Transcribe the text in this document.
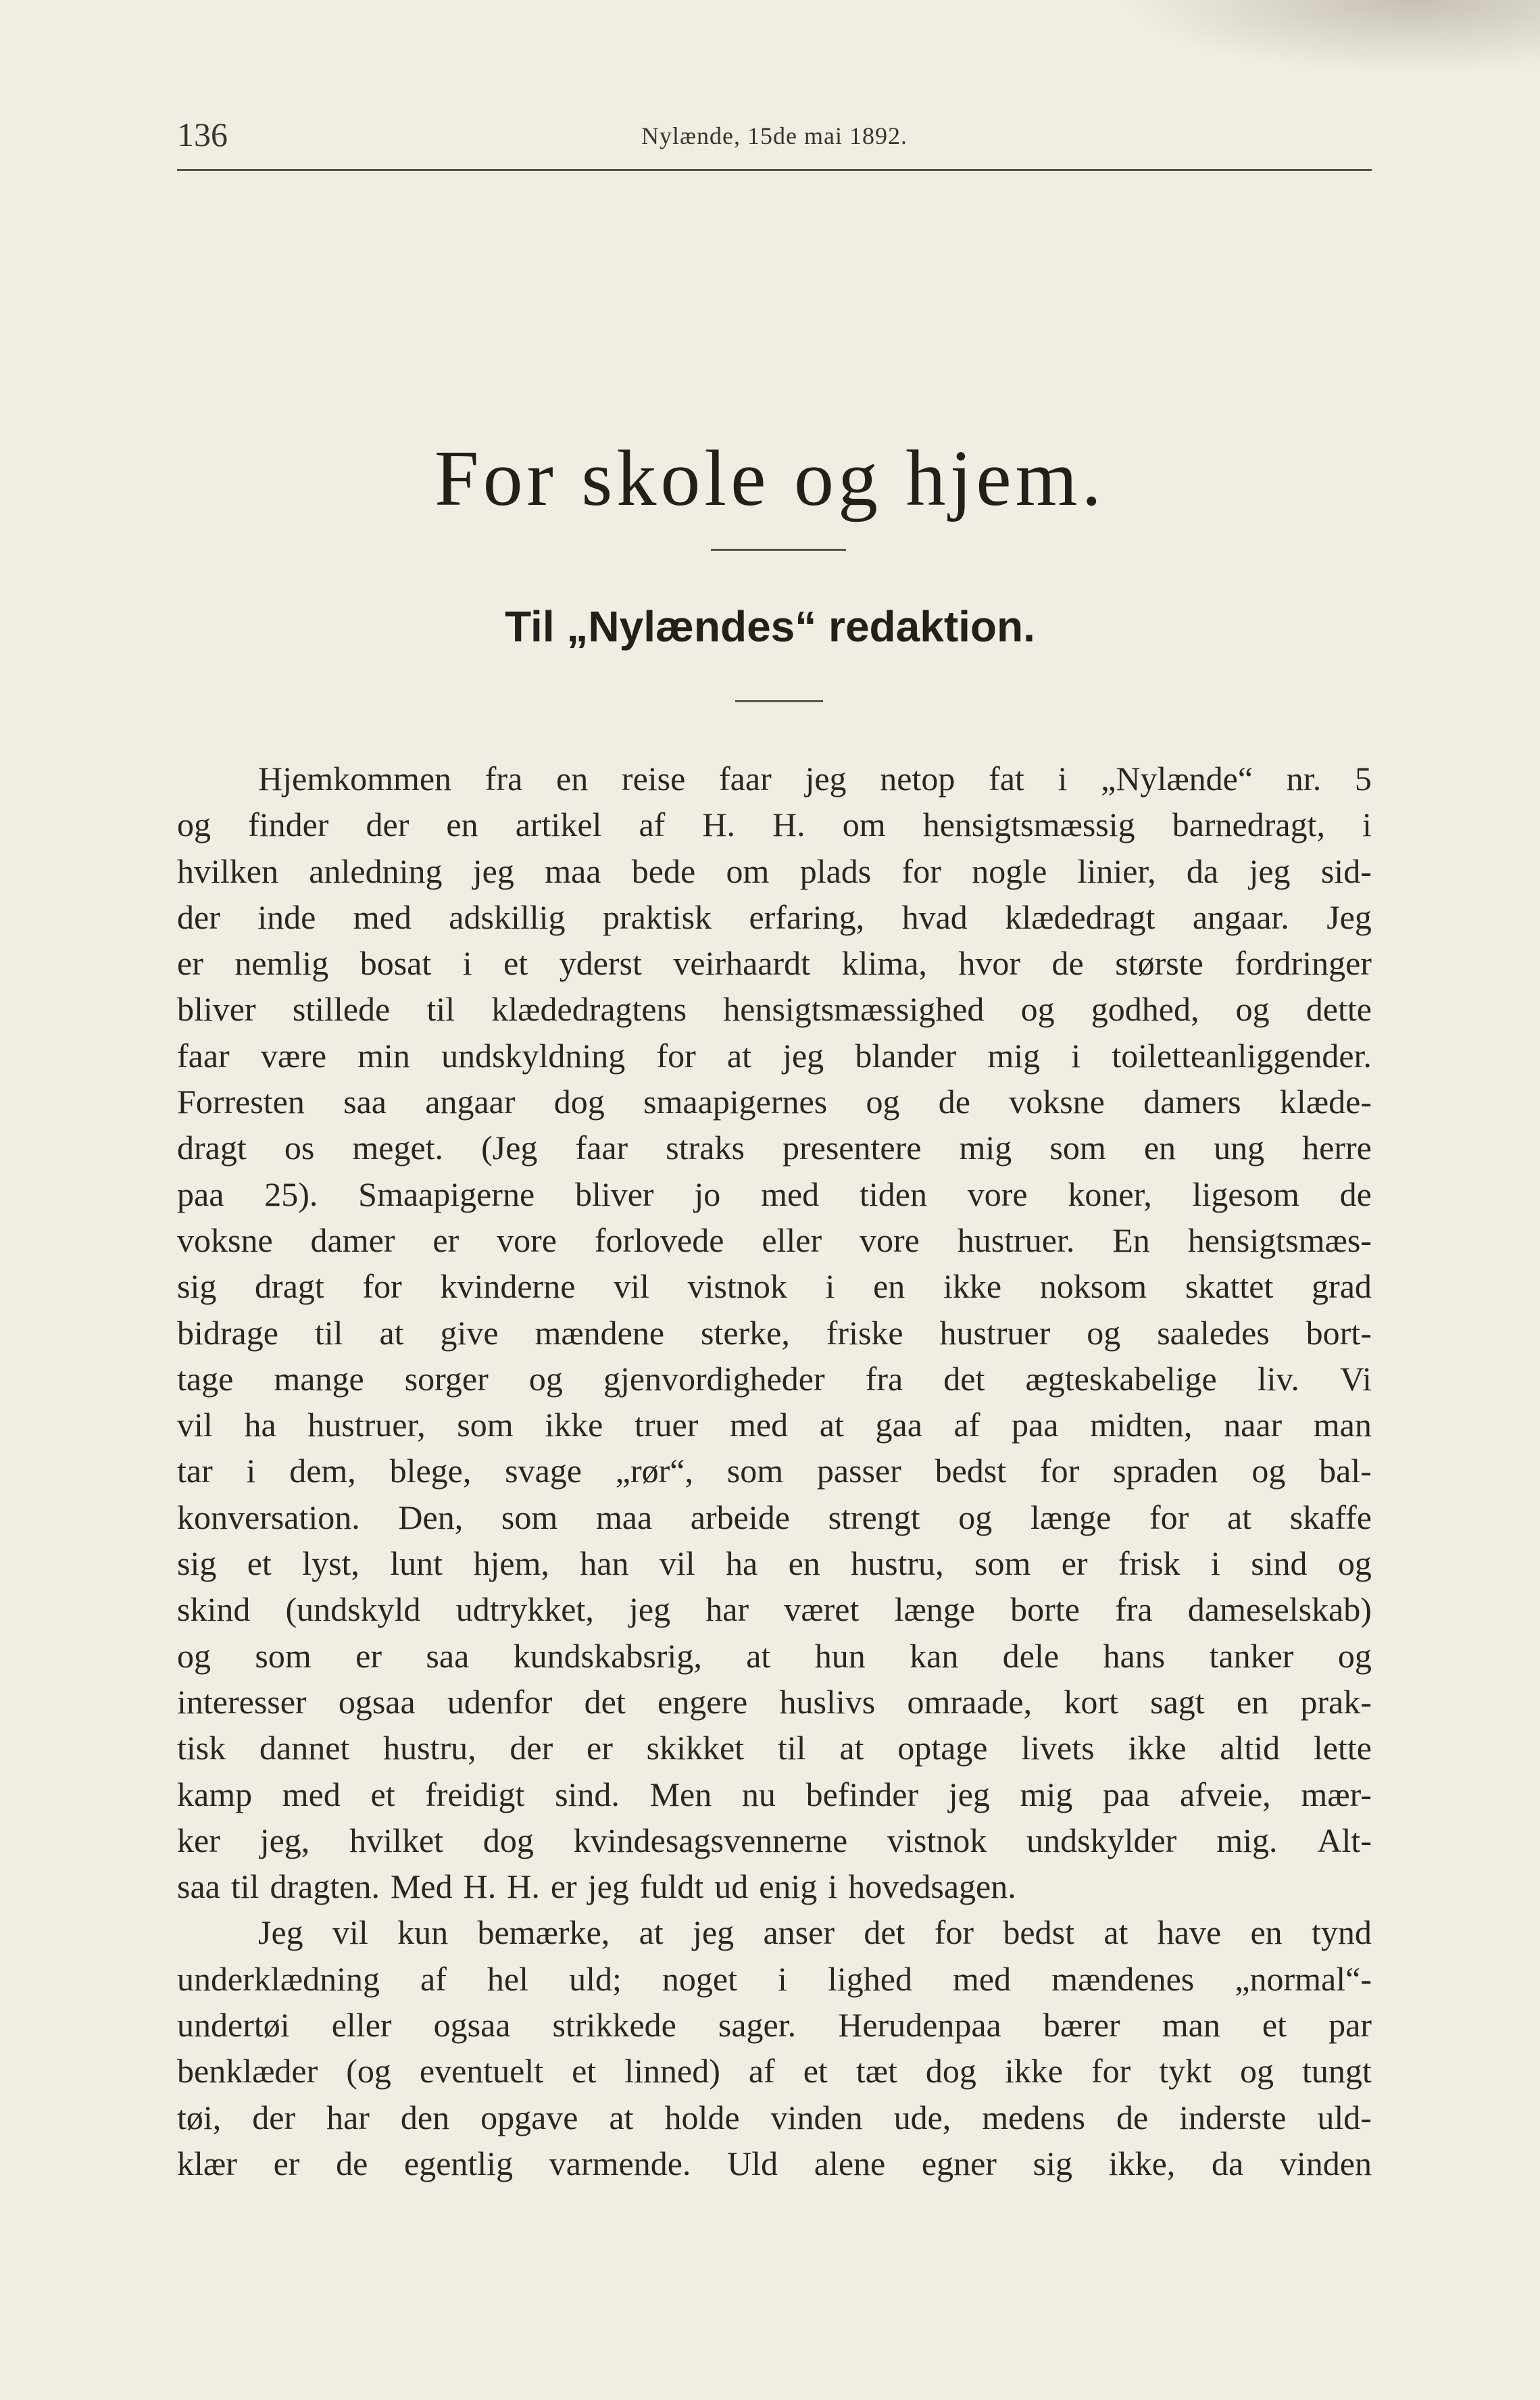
136	Nylænde, 15de mai 1892.
For skole og hjem.
Til „Nylændes“ redaktion.
Hjemkommen fra en reise faar jeg netop fat i „Nylænde“ nr. 5
og finder der en artikel af H. H. om hensigtsmæssig barnedragt, i
hvilken anledning jeg maa bede om plads for nogle linier, da jeg sid-
der inde med adskillig praktisk erfaring, hvad klædedragt angaar. Jeg
er nemlig bosat i et yderst veirhaardt klima, hvor de største fordringer
bliver stillede til klædedragtens hensigtsmæssighed og godhed, og dette
faar være min undskyldning for at jeg blander mig i toiletteanliggender.
Forresten saa angaar dog smaapigernes og de voksne damers klæde-
dragt os meget. (Jeg faar straks presentere mig som en ung herre
paa 25). Smaapigerne bliver jo med tiden vore koner, ligesom de
voksne damer er vore forlovede eller vore hustruer. En hensigtsmæs-
sig dragt for kvinderne vil vistnok i en ikke noksom skattet grad
bidrage til at give mændene sterke, friske hustruer og saaledes bort-
tage mange sorger og gjenvordigheder fra det ægteskabelige liv. Vi
vil ha hustruer, som ikke truer med at gaa af paa midten, naar man
tar i dem, blege, svage „rør“, som passer bedst for spraden og bal-
konversation. Den, som maa arbeide strengt og længe for at skaffe
sig et lyst, lunt hjem, han vil ha en hustru, som er frisk i sind og
skind (undskyld udtrykket, jeg har været længe borte fra dameselskab)
og som er saa kundskabsrig, at hun kan dele hans tanker og
interesser ogsaa udenfor det engere huslivs omraade, kort sagt en prak-
tisk dannet hustru, der er skikket til at optage livets ikke altid lette
kamp med et freidigt sind. Men nu befinder jeg mig paa afveie, mær-
ker jeg, hvilket dog kvindesagsvennerne vistnok undskylder mig. Alt-
saa til dragten. Med H. H. er jeg fuldt ud enig i hovedsagen.
Jeg vil kun bemærke, at jeg anser det for bedst at have en tynd
underklædning af hel uld; noget i lighed med mændenes „normal“-
undertøi eller ogsaa strikkede sager. Herudenpaa bærer man et par
benklæder (og eventuelt et linned) af et tæt dog ikke for tykt og tungt
tøi, der har den opgave at holde vinden ude, medens de inderste uld-
klær er de egentlig varmende. Uld alene egner sig ikke, da vinden
